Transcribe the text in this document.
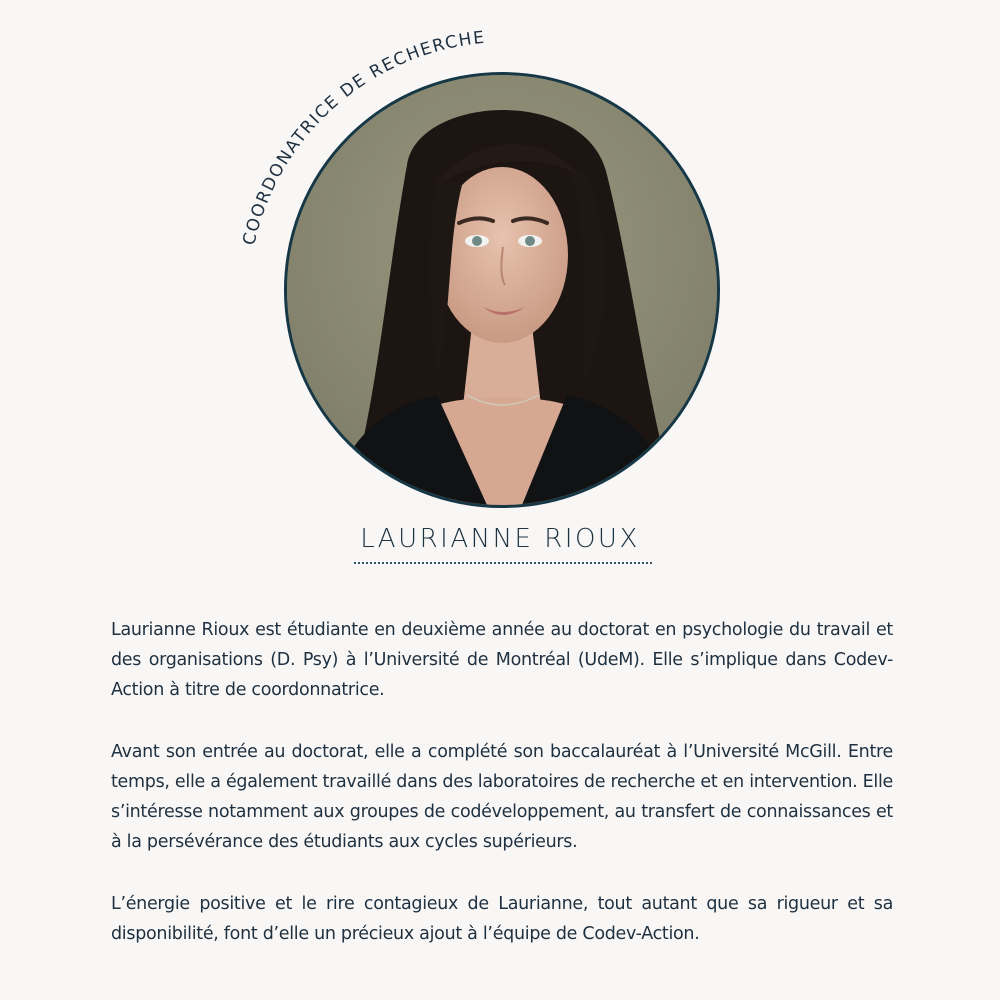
COORDONATRICE DE RECHERCHE
LAURIANNE RIOUX

Laurianne Rioux est étudiante en deuxième année au doctorat en psychologie du travail et des organisations (D. Psy) à l’Université de Montréal (UdeM). Elle s’implique dans Codev-Action à titre de coordonnatrice.

Avant son entrée au doctorat, elle a complété son baccalauréat à l’Université McGill. Entre temps, elle a également travaillé dans des laboratoires de recherche et en intervention. Elle s’intéresse notamment aux groupes de codéveloppement, au transfert de connaissances et à la persévérance des étudiants aux cycles supérieurs.

L’énergie positive et le rire contagieux de Laurianne, tout autant que sa rigueur et sa disponibilité, font d’elle un précieux ajout à l’équipe de Codev-Action.
